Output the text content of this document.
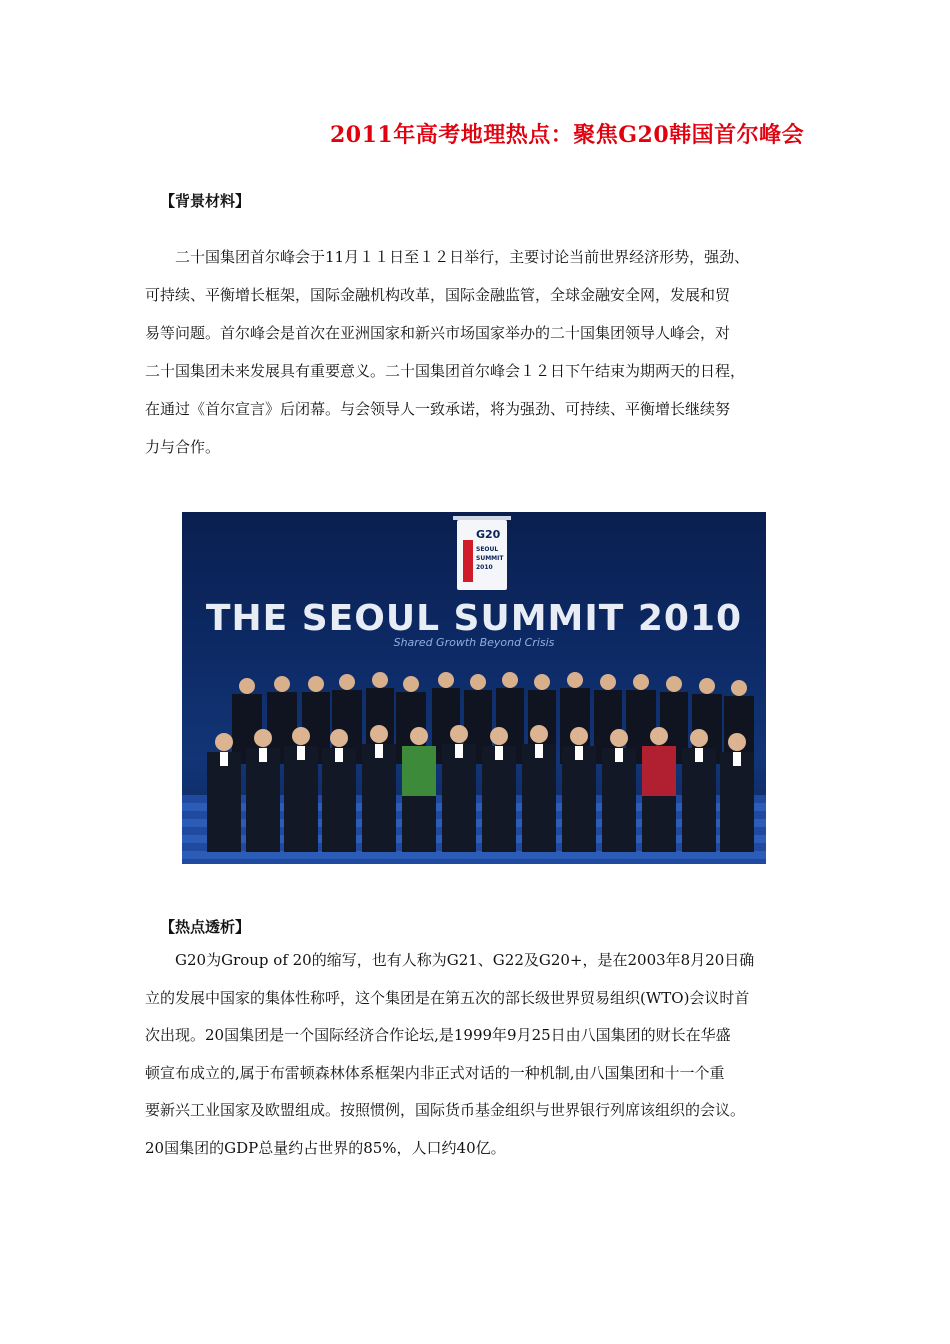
2011年高考地理热点：聚焦G20韩国首尔峰会
【背景材料】
二十国集团首尔峰会于11月１１日至１２日举行，主要讨论当前世界经济形势，强劲、
可持续、平衡增长框架，国际金融机构改革，国际金融监管，全球金融安全网，发展和贸
易等问题。首尔峰会是首次在亚洲国家和新兴市场国家举办的二十国集团领导人峰会，对
二十国集团未来发展具有重要意义。二十国集团首尔峰会１２日下午结束为期两天的日程，
在通过《首尔宣言》后闭幕。与会领导人一致承诺，将为强劲、可持续、平衡增长继续努
力与合作。
G20
SEOUL
SUMMIT
2010
THE SEOUL SUMMIT 2010
Shared Growth Beyond Crisis
【热点透析】
G20为Group of 20的缩写，也有人称为G21、G22及G20+，是在2003年8月20日确
立的发展中国家的集体性称呼，这个集团是在第五次的部长级世界贸易组织(WTO)会议时首
次出现。20国集团是一个国际经济合作论坛,是1999年9月25日由八国集团的财长在华盛
顿宣布成立的,属于布雷顿森林体系框架内非正式对话的一种机制,由八国集团和十一个重
要新兴工业国家及欧盟组成。按照惯例，国际货币基金组织与世界银行列席该组织的会议。
20国集团的GDP总量约占世界的85%，人口约40亿。
